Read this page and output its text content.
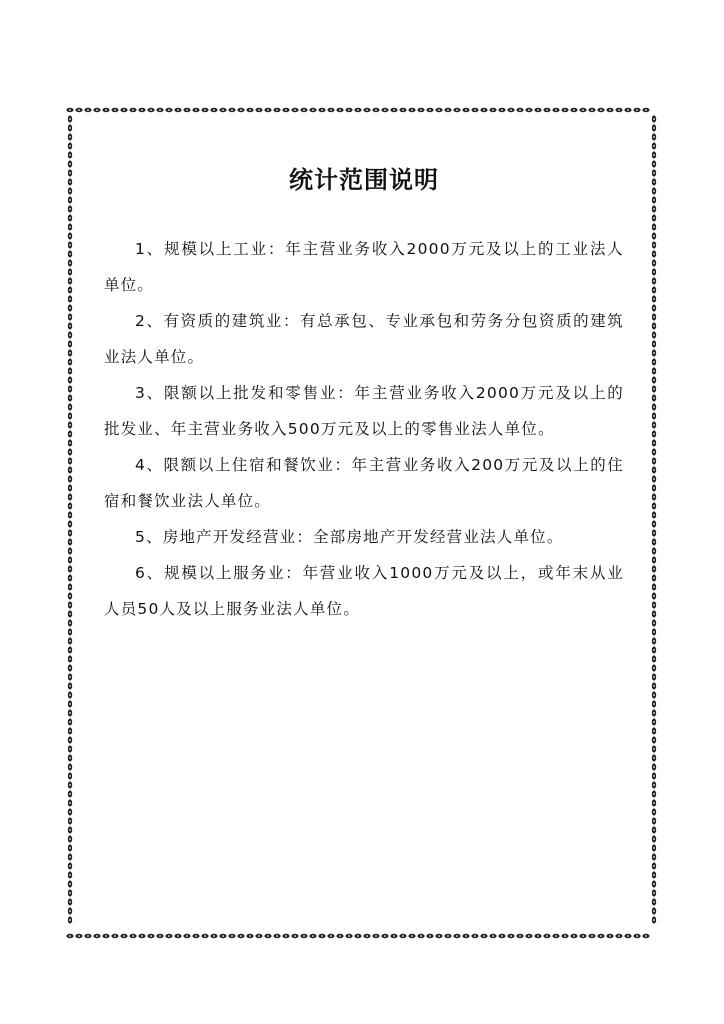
统计范围说明

1、规模以上工业：年主营业务收入2000万元及以上的工业法人单位。

2、有资质的建筑业：有总承包、专业承包和劳务分包资质的建筑业法人单位。

3、限额以上批发和零售业：年主营业务收入2000万元及以上的批发业、年主营业务收入500万元及以上的零售业法人单位。

4、限额以上住宿和餐饮业：年主营业务收入200万元及以上的住宿和餐饮业法人单位。

5、房地产开发经营业：全部房地产开发经营业法人单位。

6、规模以上服务业：年营业收入1000万元及以上，或年末从业人员50人及以上服务业法人单位。
